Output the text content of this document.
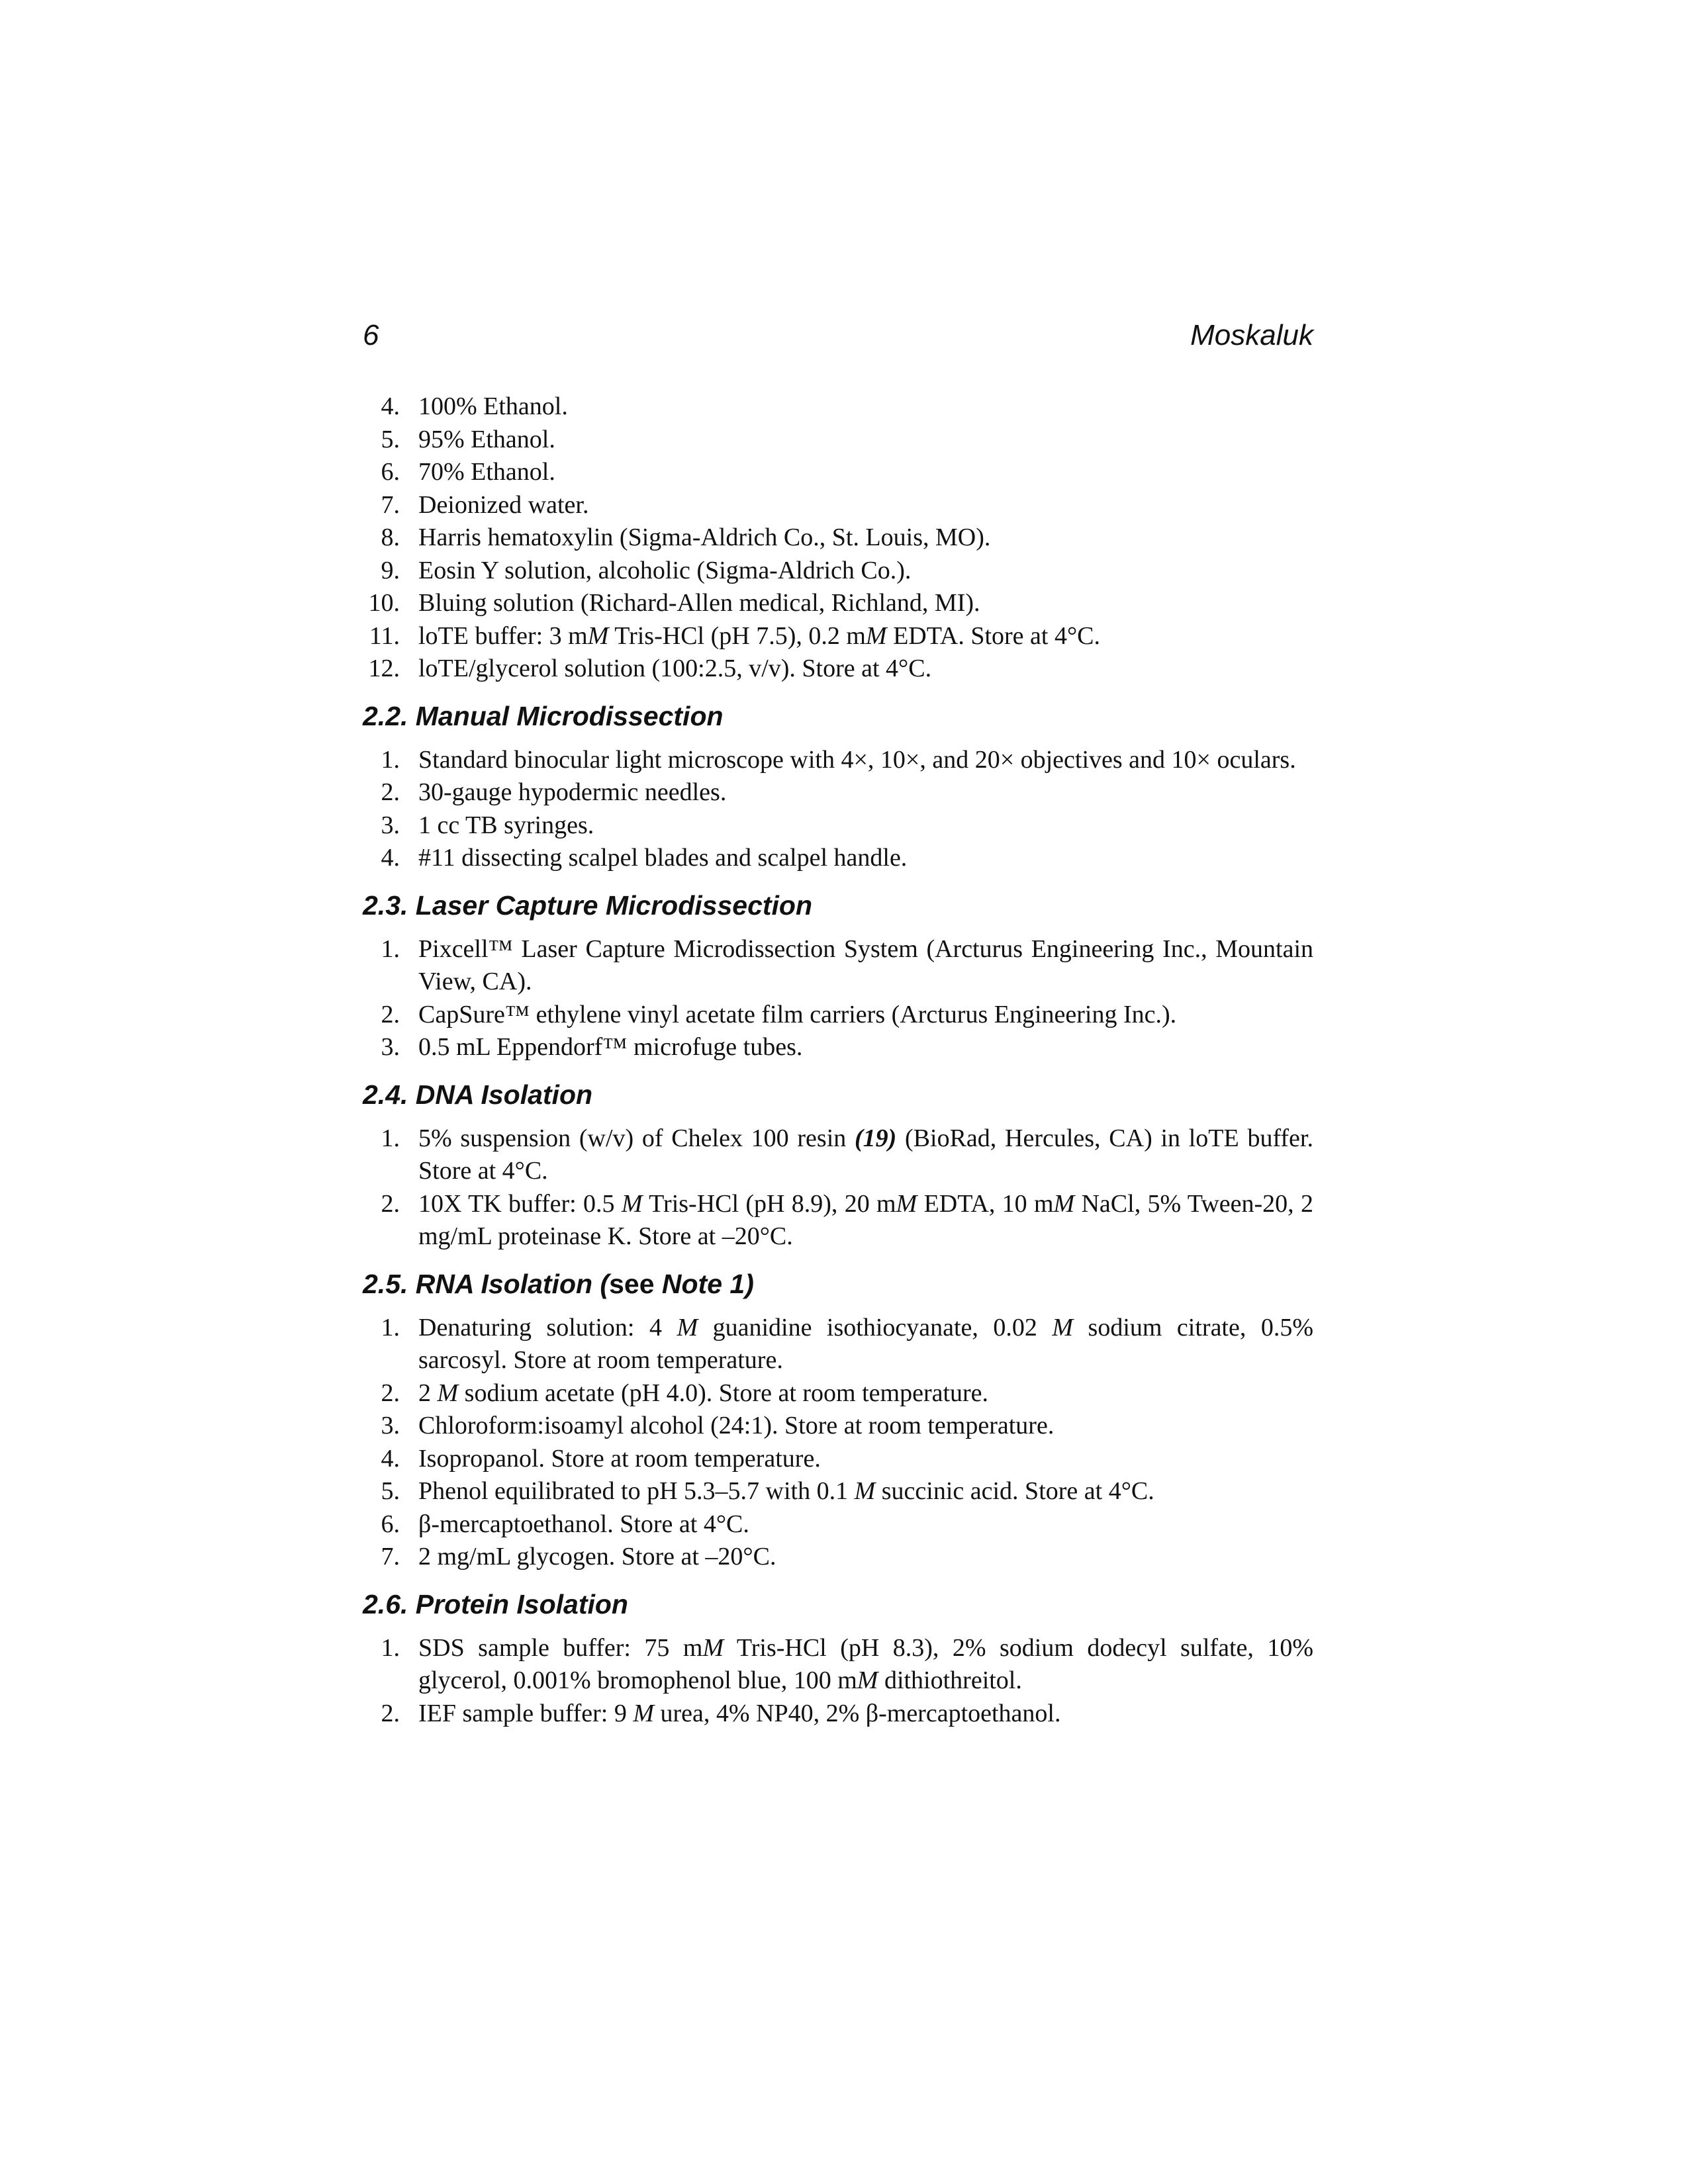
6	Moskaluk
4. 100% Ethanol.
5. 95% Ethanol.
6. 70% Ethanol.
7. Deionized water.
8. Harris hematoxylin (Sigma-Aldrich Co., St. Louis, MO).
9. Eosin Y solution, alcoholic (Sigma-Aldrich Co.).
10. Bluing solution (Richard-Allen medical, Richland, MI).
11. loTE buffer: 3 mM Tris-HCl (pH 7.5), 0.2 mM EDTA. Store at 4°C.
12. loTE/glycerol solution (100:2.5, v/v). Store at 4°C.
2.2. Manual Microdissection
1. Standard binocular light microscope with 4×, 10×, and 20× objectives and 10× oculars.
2. 30-gauge hypodermic needles.
3. 1 cc TB syringes.
4. #11 dissecting scalpel blades and scalpel handle.
2.3. Laser Capture Microdissection
1. Pixcell™ Laser Capture Microdissection System (Arcturus Engineering Inc., Mountain View, CA).
2. CapSure™ ethylene vinyl acetate film carriers (Arcturus Engineering Inc.).
3. 0.5 mL Eppendorf™ microfuge tubes.
2.4. DNA Isolation
1. 5% suspension (w/v) of Chelex 100 resin (19) (BioRad, Hercules, CA) in loTE buffer. Store at 4°C.
2. 10X TK buffer: 0.5 M Tris-HCl (pH 8.9), 20 mM EDTA, 10 mM NaCl, 5% Tween-20, 2 mg/mL proteinase K. Store at –20°C.
2.5. RNA Isolation (see Note 1)
1. Denaturing solution: 4 M guanidine isothiocyanate, 0.02 M sodium citrate, 0.5% sarcosyl. Store at room temperature.
2. 2 M sodium acetate (pH 4.0). Store at room temperature.
3. Chloroform:isoamyl alcohol (24:1). Store at room temperature.
4. Isopropanol. Store at room temperature.
5. Phenol equilibrated to pH 5.3–5.7 with 0.1 M succinic acid. Store at 4°C.
6. β-mercaptoethanol. Store at 4°C.
7. 2 mg/mL glycogen. Store at –20°C.
2.6. Protein Isolation
1. SDS sample buffer: 75 mM Tris-HCl (pH 8.3), 2% sodium dodecyl sulfate, 10% glycerol, 0.001% bromophenol blue, 100 mM dithiothreitol.
2. IEF sample buffer: 9 M urea, 4% NP40, 2% β-mercaptoethanol.
